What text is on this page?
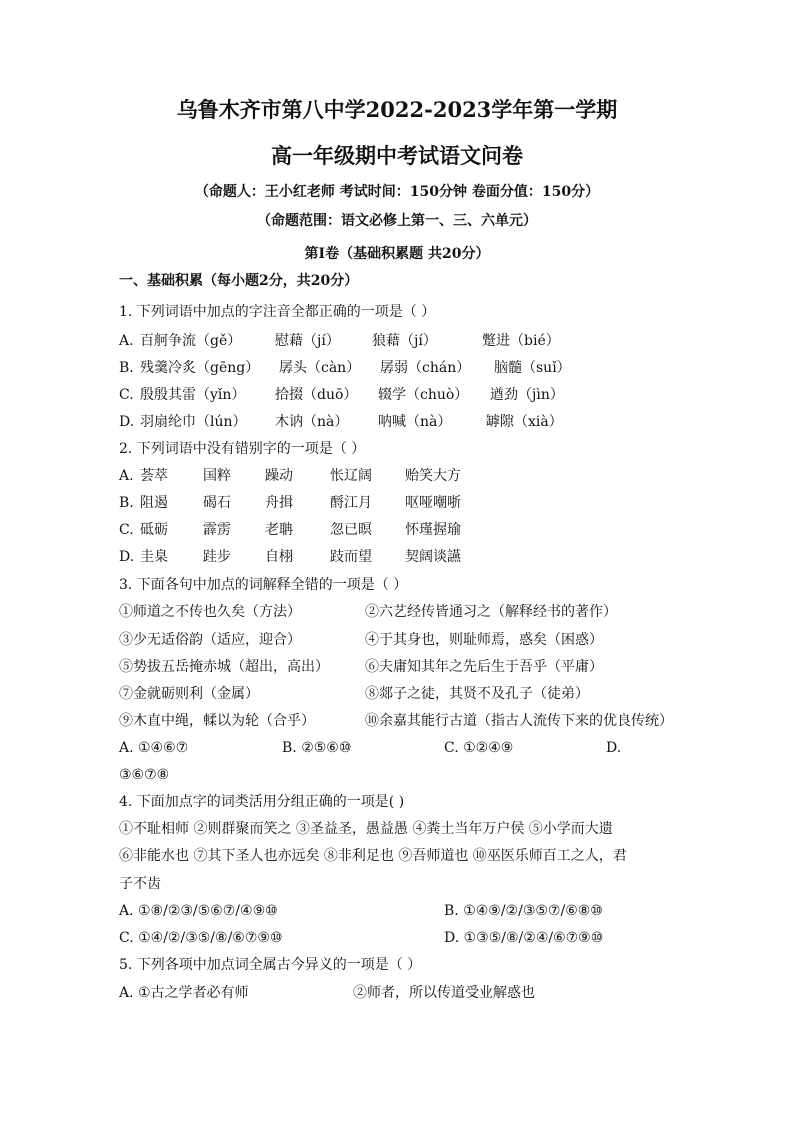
乌鲁木齐市第八中学2022-2023学年第一学期
高一年级期中考试语文问卷
（命题人：王小红老师 考试时间：150分钟 卷面分值：150分）
（命题范围：语文必修上第一、三、六单元）
第Ⅰ卷（基础积累题 共20分）
一、基础积累（每小题2分，共20分）
1. 下列词语中加点的字注音全都正确的一项是（ ）
A. 百舸争流（gě） 慰藉（jí） 狼藉（jí）	蹩进（bié）
B. 残羹冷炙（gēng） 孱头（càn） 孱弱（chán） 脑髓（suǐ）
C. 殷殷其雷（yǐn） 拾掇（duō） 辍学（chuò） 遒劲（jìn）
D. 羽扇纶巾（lún） 木讷（nà） 呐喊（nà） 罅隙（xià）
2. 下列词语中没有错别字的一项是（ ）
A. 荟萃	国粹 躁动	怅辽阔 贻笑大方
B. 阻遏	碣石 舟揖	酹江月 呕哑嘲哳
C. 砥砺	霹雳 老聃	忽已暝 怀瑾握瑜
D. 圭臬	跬步 自栩	跂而望 契阔谈讌
3. 下面各句中加点的词解释全错的一项是（ ）
①师道之不传也久矣（方法）	②六艺经传皆通习之（解释经书的著作）
③少无适俗韵（适应，迎合）	④于其身也，则耻师焉，惑矣（困惑）
⑤势拔五岳掩赤城（超出，高出）	⑥夫庸知其年之先后生于吾乎（平庸）
⑦金就砺则利（金属）	⑧郯子之徒，其贤不及孔子（徒弟）
⑨木直中绳，輮以为轮（合乎）	⑩余嘉其能行古道（指古人流传下来的优良传统）
A. ①④⑥⑦	B. ②⑤⑥⑩	C. ①②④⑨	D.
③⑥⑦⑧
4. 下面加点字的词类活用分组正确的一项是( )
①不耻相师 ②则群聚而笑之 ③圣益圣，愚益愚 ④粪土当年万户侯 ⑤小学而大遗
⑥非能水也 ⑦其下圣人也亦远矣 ⑧非利足也 ⑨吾师道也 ⑩巫医乐师百工之人，君
子不齿
A. ①⑧/②③/⑤⑥⑦/④⑨⑩	B. ①④⑨/②/③⑤⑦/⑥⑧⑩
C. ①④/②/③⑤/⑧/⑥⑦⑨⑩	D. ①③⑤/⑧/②④/⑥⑦⑨⑩
5. 下列各项中加点词全属古今异义的一项是（ ）
A. ①古之学者必有师	②师者，所以传道受业解惑也
